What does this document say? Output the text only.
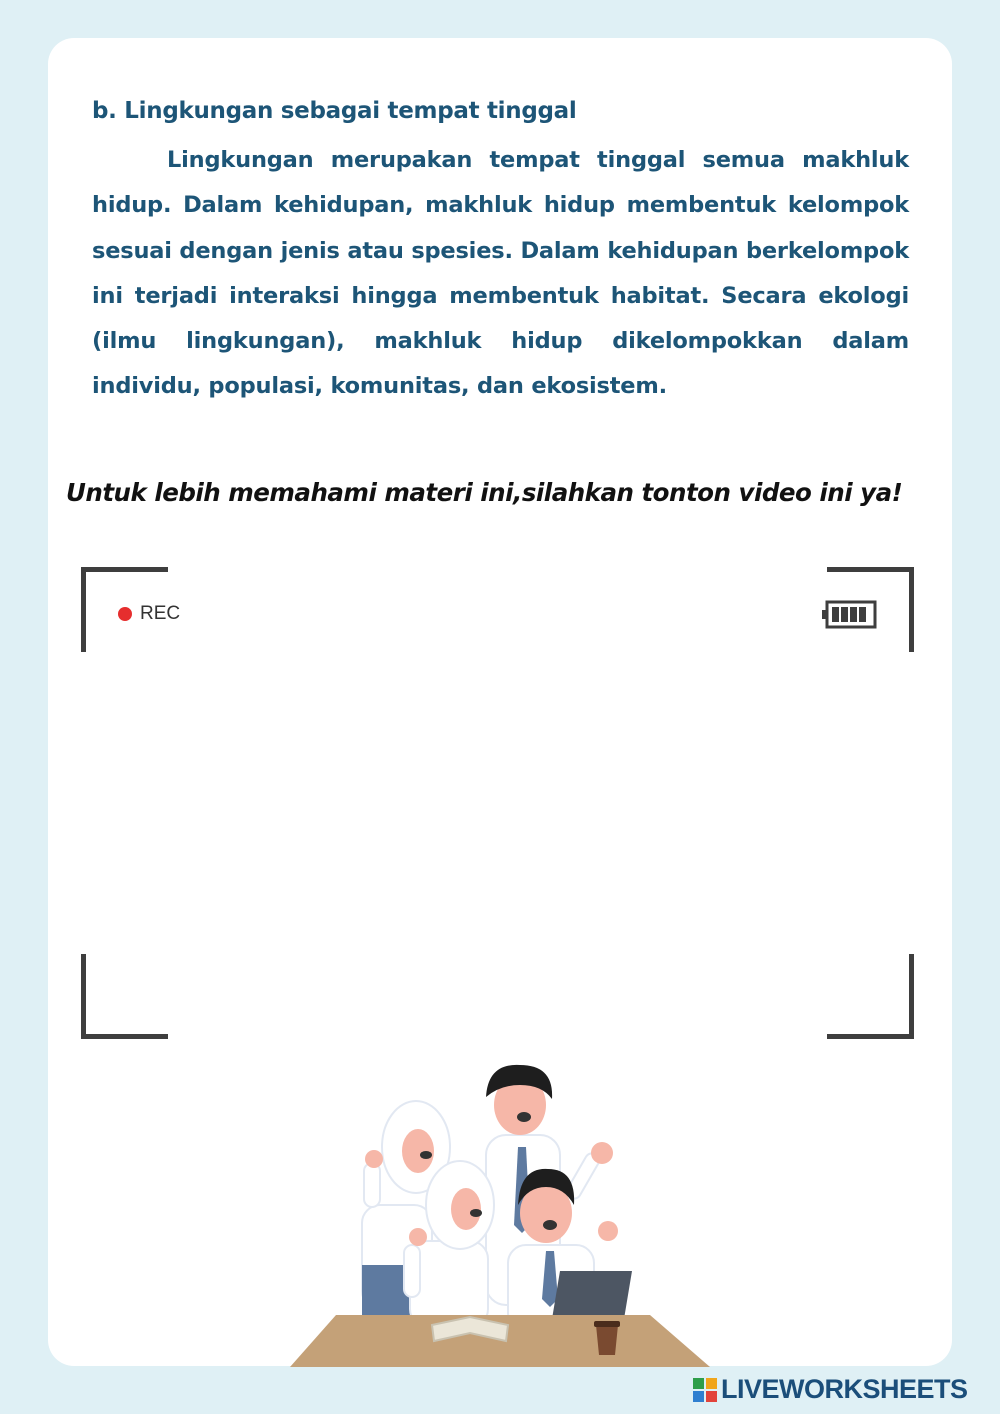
b. Lingkungan sebagai tempat tinggal

Lingkungan merupakan tempat tinggal semua makhluk hidup. Dalam kehidupan, makhluk hidup membentuk kelompok sesuai dengan jenis atau spesies. Dalam kehidupan berkelompok ini terjadi interaksi hingga membentuk habitat. Secara ekologi (ilmu lingkungan), makhluk hidup dikelompokkan dalam individu, populasi, komunitas, dan ekosistem.

Untuk lebih memahami materi ini,silahkan tonton video ini ya!

REC
LIVEWORKSHEETS
